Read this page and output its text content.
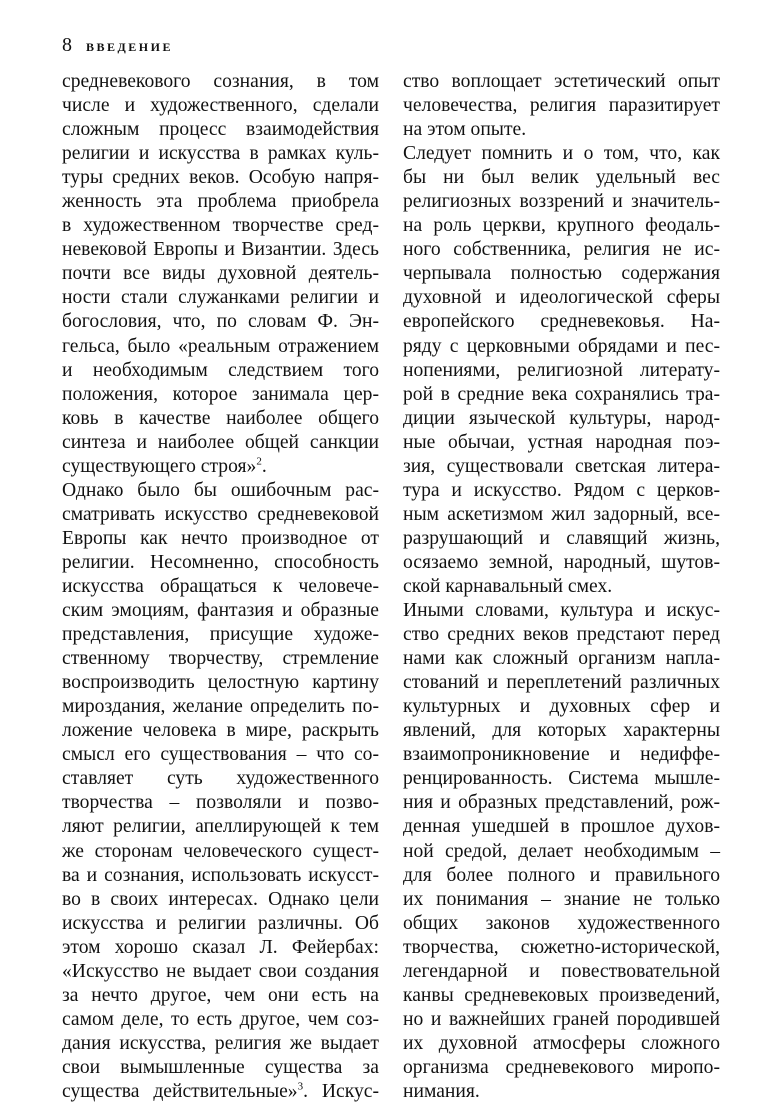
8 ВВЕДЕНИЕ
средневекового сознания, в том
числе и художественного, сделали
сложным процесс взаимодействия
религии и искусства в рамках куль-
туры средних веков. Особую напря-
женность эта проблема приобрела
в художественном творчестве сред-
невековой Европы и Византии. Здесь
почти все виды духовной деятель-
ности стали служанками религии и
богословия, что, по словам Ф. Эн-
гельса, было «реальным отражением
и необходимым следствием того
положения, которое занимала цер-
ковь в качестве наиболее общего
синтеза и наиболее общей санкции
существующего строя»$^2$.
Однако было бы ошибочным рас-
сматривать искусство средневековой
Европы как нечто производное от
религии. Несомненно, способность
искусства обращаться к человече-
ским эмоциям, фантазия и образные
представления, присущие художе-
ственному творчеству, стремление
воспроизводить целостную картину
мироздания, желание определить по-
ложение человека в мире, раскрыть
смысл его существования – что со-
ставляет суть художественного
творчества – позволяли и позво-
ляют религии, апеллирующей к тем
же сторонам человеческого сущест-
ва и сознания, использовать искусст-
во в своих интересах. Однако цели
искусства и религии различны. Об
этом хорошо сказал Л. Фейербах:
«Искусство не выдает свои создания
за нечто другое, чем они есть на
самом деле, то есть другое, чем соз-
дания искусства, религия же выдает
свои вымышленные существа за
существа действительные»$^3$. Искус-
ство воплощает эстетический опыт
человечества, религия паразитирует
на этом опыте.
Следует помнить и о том, что, как
бы ни был велик удельный вес
религиозных воззрений и значитель-
на роль церкви, крупного феодаль-
ного собственника, религия не ис-
черпывала полностью содержания
духовной и идеологической сферы
европейского средневековья. На-
ряду с церковными обрядами и пес-
нопениями, религиозной литерату-
рой в средние века сохранялись тра-
диции языческой культуры, народ-
ные обычаи, устная народная поэ-
зия, существовали светская литера-
тура и искусство. Рядом с церков-
ным аскетизмом жил задорный, все-
разрушающий и славящий жизнь,
осязаемо земной, народный, шутов-
ской карнавальный смех.
Иными словами, культура и искус-
ство средних веков предстают перед
нами как сложный организм напла-
стований и переплетений различных
культурных и духовных сфер и
явлений, для которых характерны
взаимопроникновение и недиффе-
ренцированность. Система мышле-
ния и образных представлений, рож-
денная ушедшей в прошлое духов-
ной средой, делает необходимым –
для более полного и правильного
их понимания – знание не только
общих законов художественного
творчества, сюжетно-исторической,
легендарной и повествовательной
канвы средневековых произведений,
но и важнейших граней породившей
их духовной атмосферы сложного
организма средневекового миропо-
нимания.
